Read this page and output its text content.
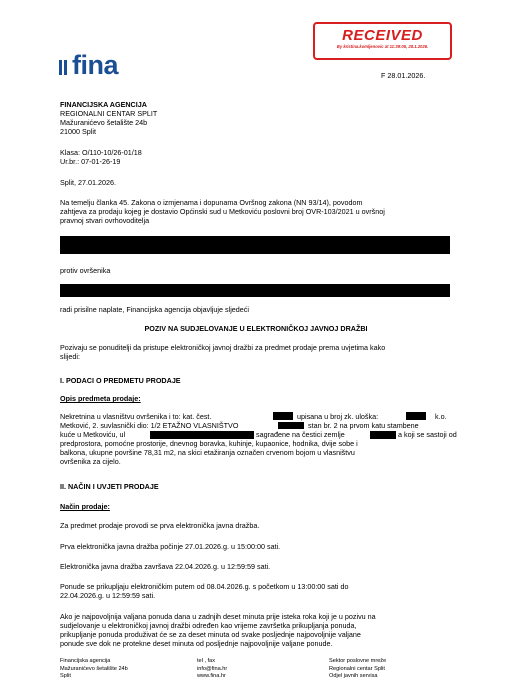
RECEIVED
By kristina.komljenovic at 11:39:05, 28.1.2026.
fina	F 28.01.2026.
FINANCIJSKA AGENCIJA
REGIONALNI CENTAR SPLIT
Mažuranićevo šetalište 24b
21000 Split
Klasa: O/110-10/26-01/18
Ur.br.: 07-01-26-19
Split, 27.01.2026.
Na temelju članka 45. Zakona o izmjenama i dopunama Ovršnog zakona (NN 93/14), povodom
zahtjeva za prodaju kojeg je dostavio Općinski sud u Metkoviću poslovni broj OVR-103/2021 u ovršnoj
pravnoj stvari ovrhovoditelja
protiv ovršenika
radi prisilne naplate, Financijska agencija objavljuje sljedeći
POZIV NA SUDJELOVANJE U ELEKTRONIČKOJ JAVNOJ DRAŽBI
Pozivaju se ponuditelji da pristupe elektroničkoj javnoj dražbi za predmet prodaje prema uvjetima kako
slijedi:
I. PODACI O PREDMETU PRODAJE
Opis predmeta prodaje:
Nekretnina u vlasništvu ovršenika i to: kat. čest.	upisana u broj zk. uloška:	k.o.
Metković, 2. suvlasnički dio: 1/2 ETAŽNO VLASNIŠTVO	stan br. 2 na prvom katu stambene
kuće u Metkoviću, ul	sagrađene na čestici zemlje	a koji se sastoji od
predprostora, pomoćne prostorije, dnevnog boravka, kuhinje, kupaonice, hodnika, dvije sobe i
balkona, ukupne površine 78,31 m2, na skici etažiranja označen crvenom bojom u vlasništvu
ovršenika za cijelo.
II. NAČIN I UVJETI PRODAJE
Način prodaje:
Za predmet prodaje provodi se prva elektronička javna dražba.
Prva elektronička javna dražba počinje 27.01.2026.g. u 15:00:00 sati.
Elektronička javna dražba završava 22.04.2026.g. u 12:59:59 sati.
Ponude se prikupljaju elektroničkim putem od 08.04.2026.g. s početkom u 13:00:00 sati do
22.04.2026.g. u 12:59:59 sati.
Ako je najpovoljnija valjana ponuda dana u zadnjih deset minuta prije isteka roka koji je u pozivu na
sudjelovanje u elektroničkoj javnoj dražbi određen kao vrijeme završetka prikupljanja ponuda,
prikupljanje ponuda produživat će se za deset minuta od svake posljednje najpovoljnije valjane
ponude sve dok ne protekne deset minuta od posljednje najpovoljnije valjane ponude.
Financijska agencija
Mažuranićevo šetalište 24b
Split
tel , fax
info@fina.hr
www.fina.hr
Sektor poslovne mreže
Regionalni centar Split
Odjel javnih servisa
